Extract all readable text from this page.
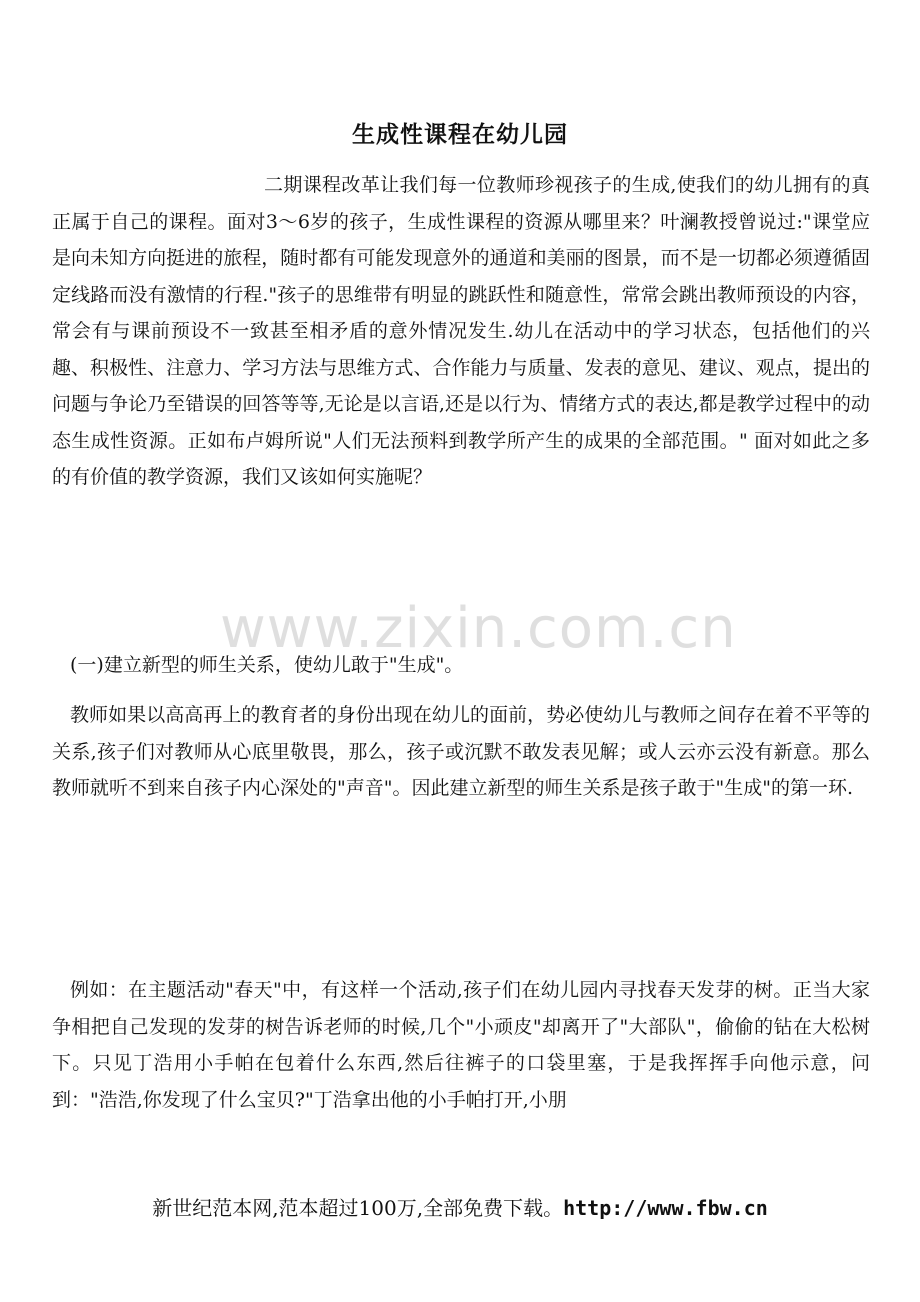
生成性课程在幼儿园
二期课程改革让我们每一位教师珍视孩子的生成,使我们的幼儿拥有的真正属于自己的课程。面对3～6岁的孩子，生成性课程的资源从哪里来？叶澜教授曾说过:"课堂应是向未知方向挺进的旅程，随时都有可能发现意外的通道和美丽的图景，而不是一切都必须遵循固定线路而没有激情的行程."孩子的思维带有明显的跳跃性和随意性，常常会跳出教师预设的内容，常会有与课前预设不一致甚至相矛盾的意外情况发生.幼儿在活动中的学习状态，包括他们的兴趣、积极性、注意力、学习方法与思维方式、合作能力与质量、发表的意见、建议、观点，提出的问题与争论乃至错误的回答等等,无论是以言语,还是以行为、情绪方式的表达,都是教学过程中的动态生成性资源。正如布卢姆所说"人们无法预料到教学所产生的成果的全部范围。" 面对如此之多的有价值的教学资源，我们又该如何实施呢？
(一)建立新型的师生关系，使幼儿敢于"生成"。
教师如果以高高再上的教育者的身份出现在幼儿的面前，势必使幼儿与教师之间存在着不平等的关系,孩子们对教师从心底里敬畏，那么，孩子或沉默不敢发表见解；或人云亦云没有新意。那么教师就听不到来自孩子内心深处的"声音"。因此建立新型的师生关系是孩子敢于"生成"的第一环.
例如：在主题活动"春天"中，有这样一个活动,孩子们在幼儿园内寻找春天发芽的树。正当大家争相把自己发现的发芽的树告诉老师的时候,几个"小顽皮"却离开了"大部队"，偷偷的钻在大松树下。只见丁浩用小手帕在包着什么东西,然后往裤子的口袋里塞，于是我挥挥手向他示意，问到："浩浩,你发现了什么宝贝?"丁浩拿出他的小手帕打开,小朋
www.zixin.com.cn
新世纪范本网,范本超过100万,全部免费下载。http://www.fbw.cn
